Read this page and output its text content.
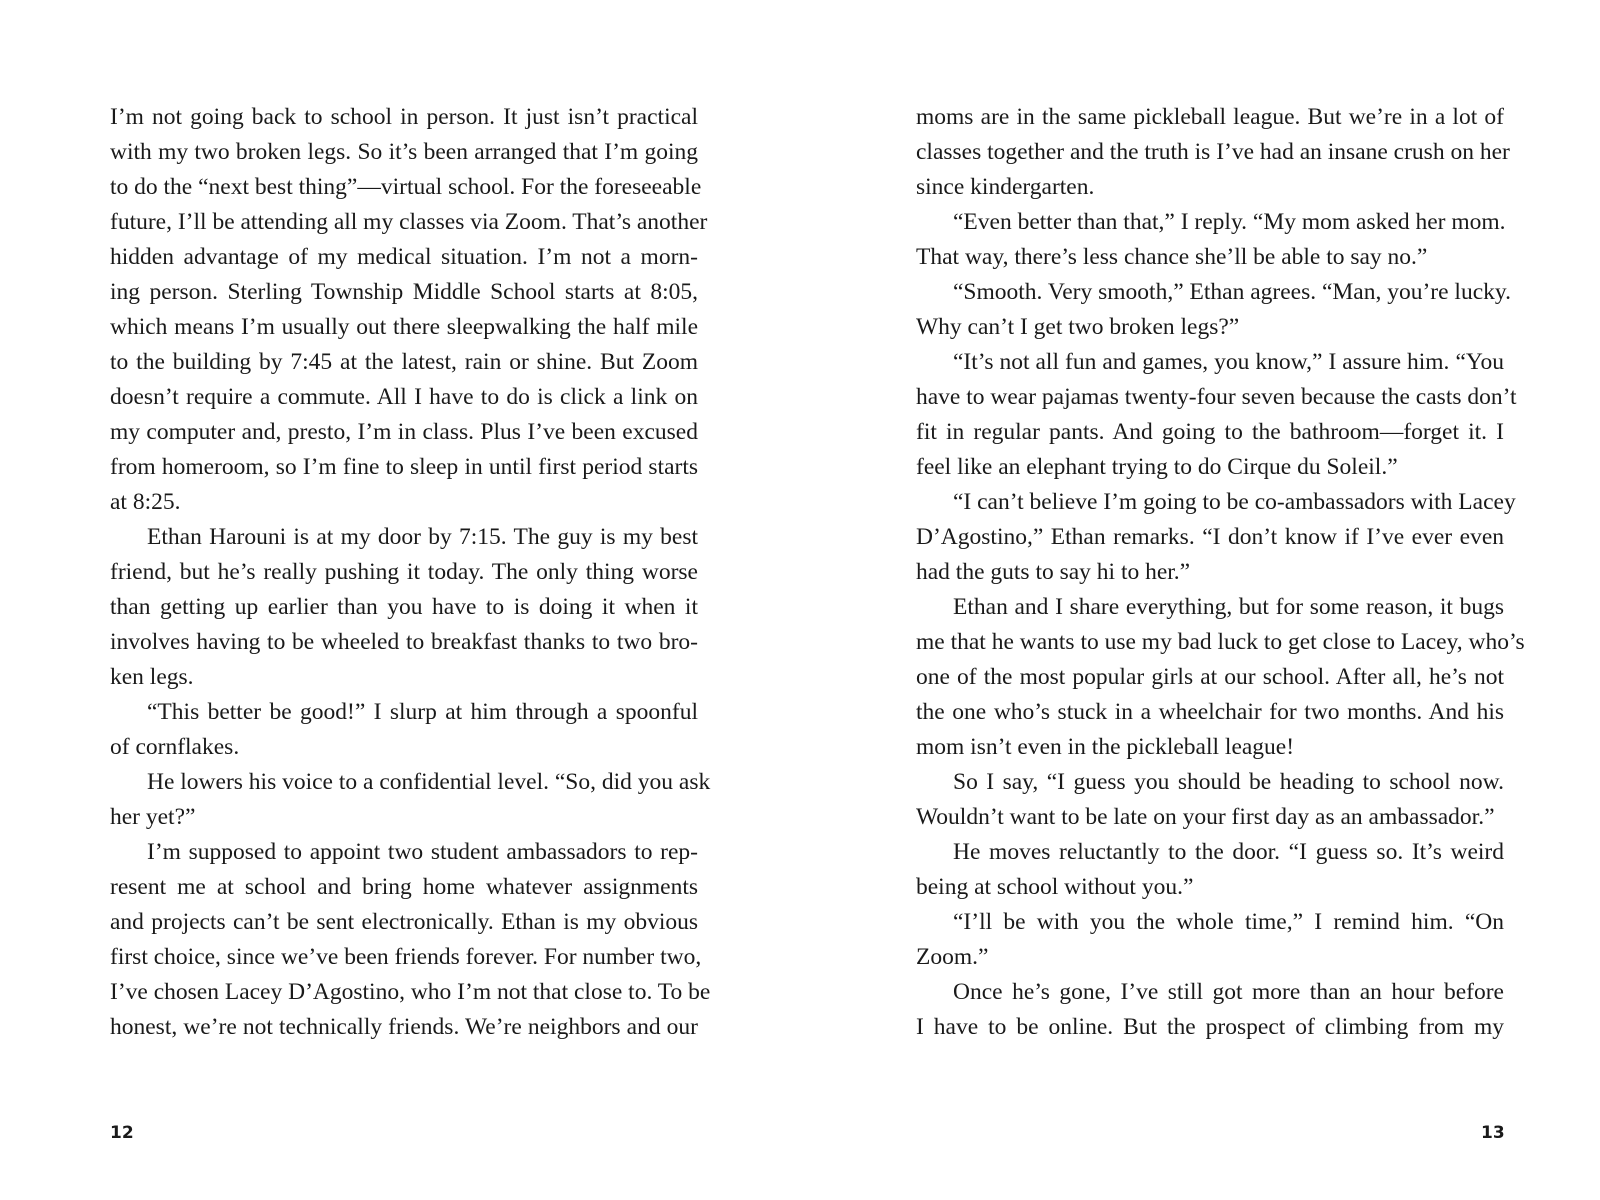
I’m not going back to school in person. It just isn’t practical
with my two broken legs. So it’s been arranged that I’m going
to do the “next best thing”—virtual school. For the foreseeable
future, I’ll be attending all my classes via Zoom. That’s another
hidden advantage of my medical situation. I’m not a morn-
ing person. Sterling Township Middle School starts at 8:05,
which means I’m usually out there sleepwalking the half mile
to the building by 7:45 at the latest, rain or shine. But Zoom
doesn’t require a commute. All I have to do is click a link on
my computer and, presto, I’m in class. Plus I’ve been excused
from homeroom, so I’m fine to sleep in until first period starts
at 8:25.
Ethan Harouni is at my door by 7:15. The guy is my best
friend, but he’s really pushing it today. The only thing worse
than getting up earlier than you have to is doing it when it
involves having to be wheeled to breakfast thanks to two bro-
ken legs.
“This better be good!” I slurp at him through a spoonful
of cornflakes.
He lowers his voice to a confidential level. “So, did you ask
her yet?”
I’m supposed to appoint two student ambassadors to rep-
resent me at school and bring home whatever assignments
and projects can’t be sent electronically. Ethan is my obvious
first choice, since we’ve been friends forever. For number two,
I’ve chosen Lacey D’Agostino, who I’m not that close to. To be
honest, we’re not technically friends. We’re neighbors and our
moms are in the same pickleball league. But we’re in a lot of
classes together and the truth is I’ve had an insane crush on her
since kindergarten.
“Even better than that,” I reply. “My mom asked her mom.
That way, there’s less chance she’ll be able to say no.”
“Smooth. Very smooth,” Ethan agrees. “Man, you’re lucky.
Why can’t I get two broken legs?”
“It’s not all fun and games, you know,” I assure him. “You
have to wear pajamas twenty-four seven because the casts don’t
fit in regular pants. And going to the bathroom—forget it. I
feel like an elephant trying to do Cirque du Soleil.”
“I can’t believe I’m going to be co-ambassadors with Lacey
D’Agostino,” Ethan remarks. “I don’t know if I’ve ever even
had the guts to say hi to her.”
Ethan and I share everything, but for some reason, it bugs
me that he wants to use my bad luck to get close to Lacey, who’s
one of the most popular girls at our school. After all, he’s not
the one who’s stuck in a wheelchair for two months. And his
mom isn’t even in the pickleball league!
So I say, “I guess you should be heading to school now.
Wouldn’t want to be late on your first day as an ambassador.”
He moves reluctantly to the door. “I guess so. It’s weird
being at school without you.”
“I’ll be with you the whole time,” I remind him. “On
Zoom.”
Once he’s gone, I’ve still got more than an hour before
I have to be online. But the prospect of climbing from my
12	13
